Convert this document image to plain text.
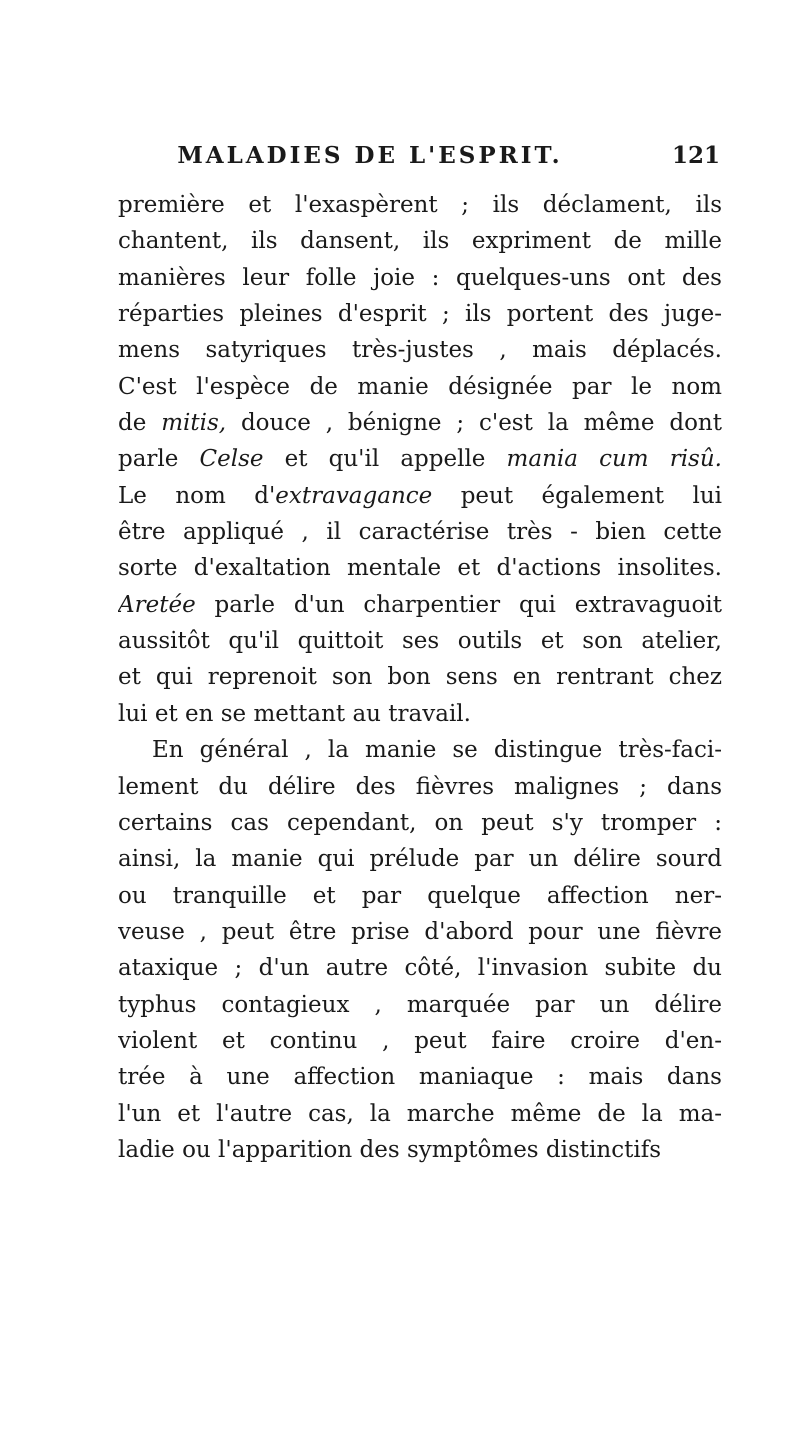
MALADIES DE L'ESPRIT.	121
première et l'exaspèrent ; ils déclament, ils
chantent, ils dansent, ils expriment de mille
manières leur folle joie : quelques-uns ont des
réparties pleines d'esprit ; ils portent des juge-
mens satyriques très-justes , mais déplacés.
C'est l'espèce de manie désignée par le nom
de mitis, douce , bénigne ; c'est la même dont
parle Celse et qu'il appelle mania cum risû.
Le nom d'extravagance peut également lui
être appliqué , il caractérise très - bien cette
sorte d'exaltation mentale et d'actions insolites.
Aretée parle d'un charpentier qui extravaguoit
aussitôt qu'il quittoit ses outils et son atelier,
et qui reprenoit son bon sens en rentrant chez
lui et en se mettant au travail.
En général , la manie se distingue très-faci-
lement du délire des fièvres malignes ; dans
certains cas cependant, on peut s'y tromper :
ainsi, la manie qui prélude par un délire sourd
ou tranquille et par quelque affection ner-
veuse , peut être prise d'abord pour une fièvre
ataxique ; d'un autre côté, l'invasion subite du
typhus contagieux , marquée par un délire
violent et continu , peut faire croire d'en-
trée à une affection maniaque : mais dans
l'un et l'autre cas, la marche même de la ma-
ladie ou l'apparition des symptômes distinctifs
